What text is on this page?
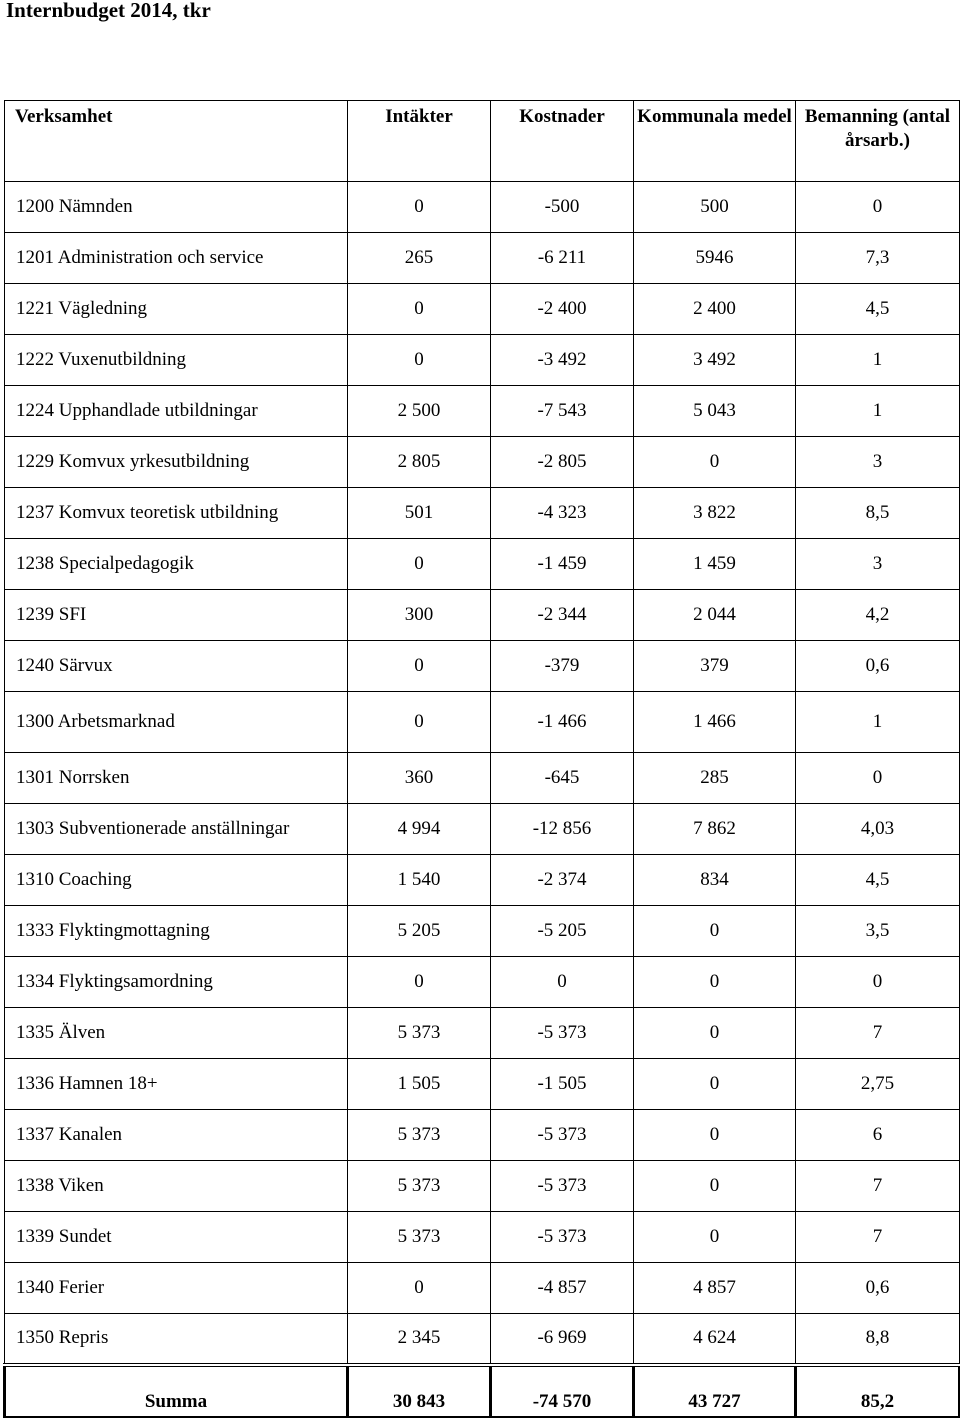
Internbudget 2014, tkr
Verksamhet	Intäkter	Kostnader	Kommunala medel	Bemanning (antal årsarb.)
1200 Nämnden	0	-500	500	0
1201 Administration och service	265	-6 211	5946	7,3
1221 Vägledning	0	-2 400	2 400	4,5
1222 Vuxenutbildning	0	-3 492	3 492	1
1224 Upphandlade utbildningar	2 500	-7 543	5 043	1
1229 Komvux yrkesutbildning	2 805	-2 805	0	3
1237 Komvux teoretisk utbildning	501	-4 323	3 822	8,5
1238 Specialpedagogik	0	-1 459	1 459	3
1239 SFI	300	-2 344	2 044	4,2
1240 Särvux	0	-379	379	0,6
1300 Arbetsmarknad	0	-1 466	1 466	1
1301 Norrsken	360	-645	285	0
1303 Subventionerade anställningar	4 994	-12 856	7 862	4,03
1310 Coaching	1 540	-2 374	834	4,5
1333 Flyktingmottagning	5 205	-5 205	0	3,5
1334 Flyktingsamordning	0	0	0	0
1335 Älven	5 373	-5 373	0	7
1336 Hamnen 18+	1 505	-1 505	0	2,75
1337 Kanalen	5 373	-5 373	0	6
1338 Viken	5 373	-5 373	0	7
1339 Sundet	5 373	-5 373	0	7
1340 Ferier	0	-4 857	4 857	0,6
1350 Repris	2 345	-6 969	4 624	8,8
Summa	30 843	-74 570	43 727	85,2
